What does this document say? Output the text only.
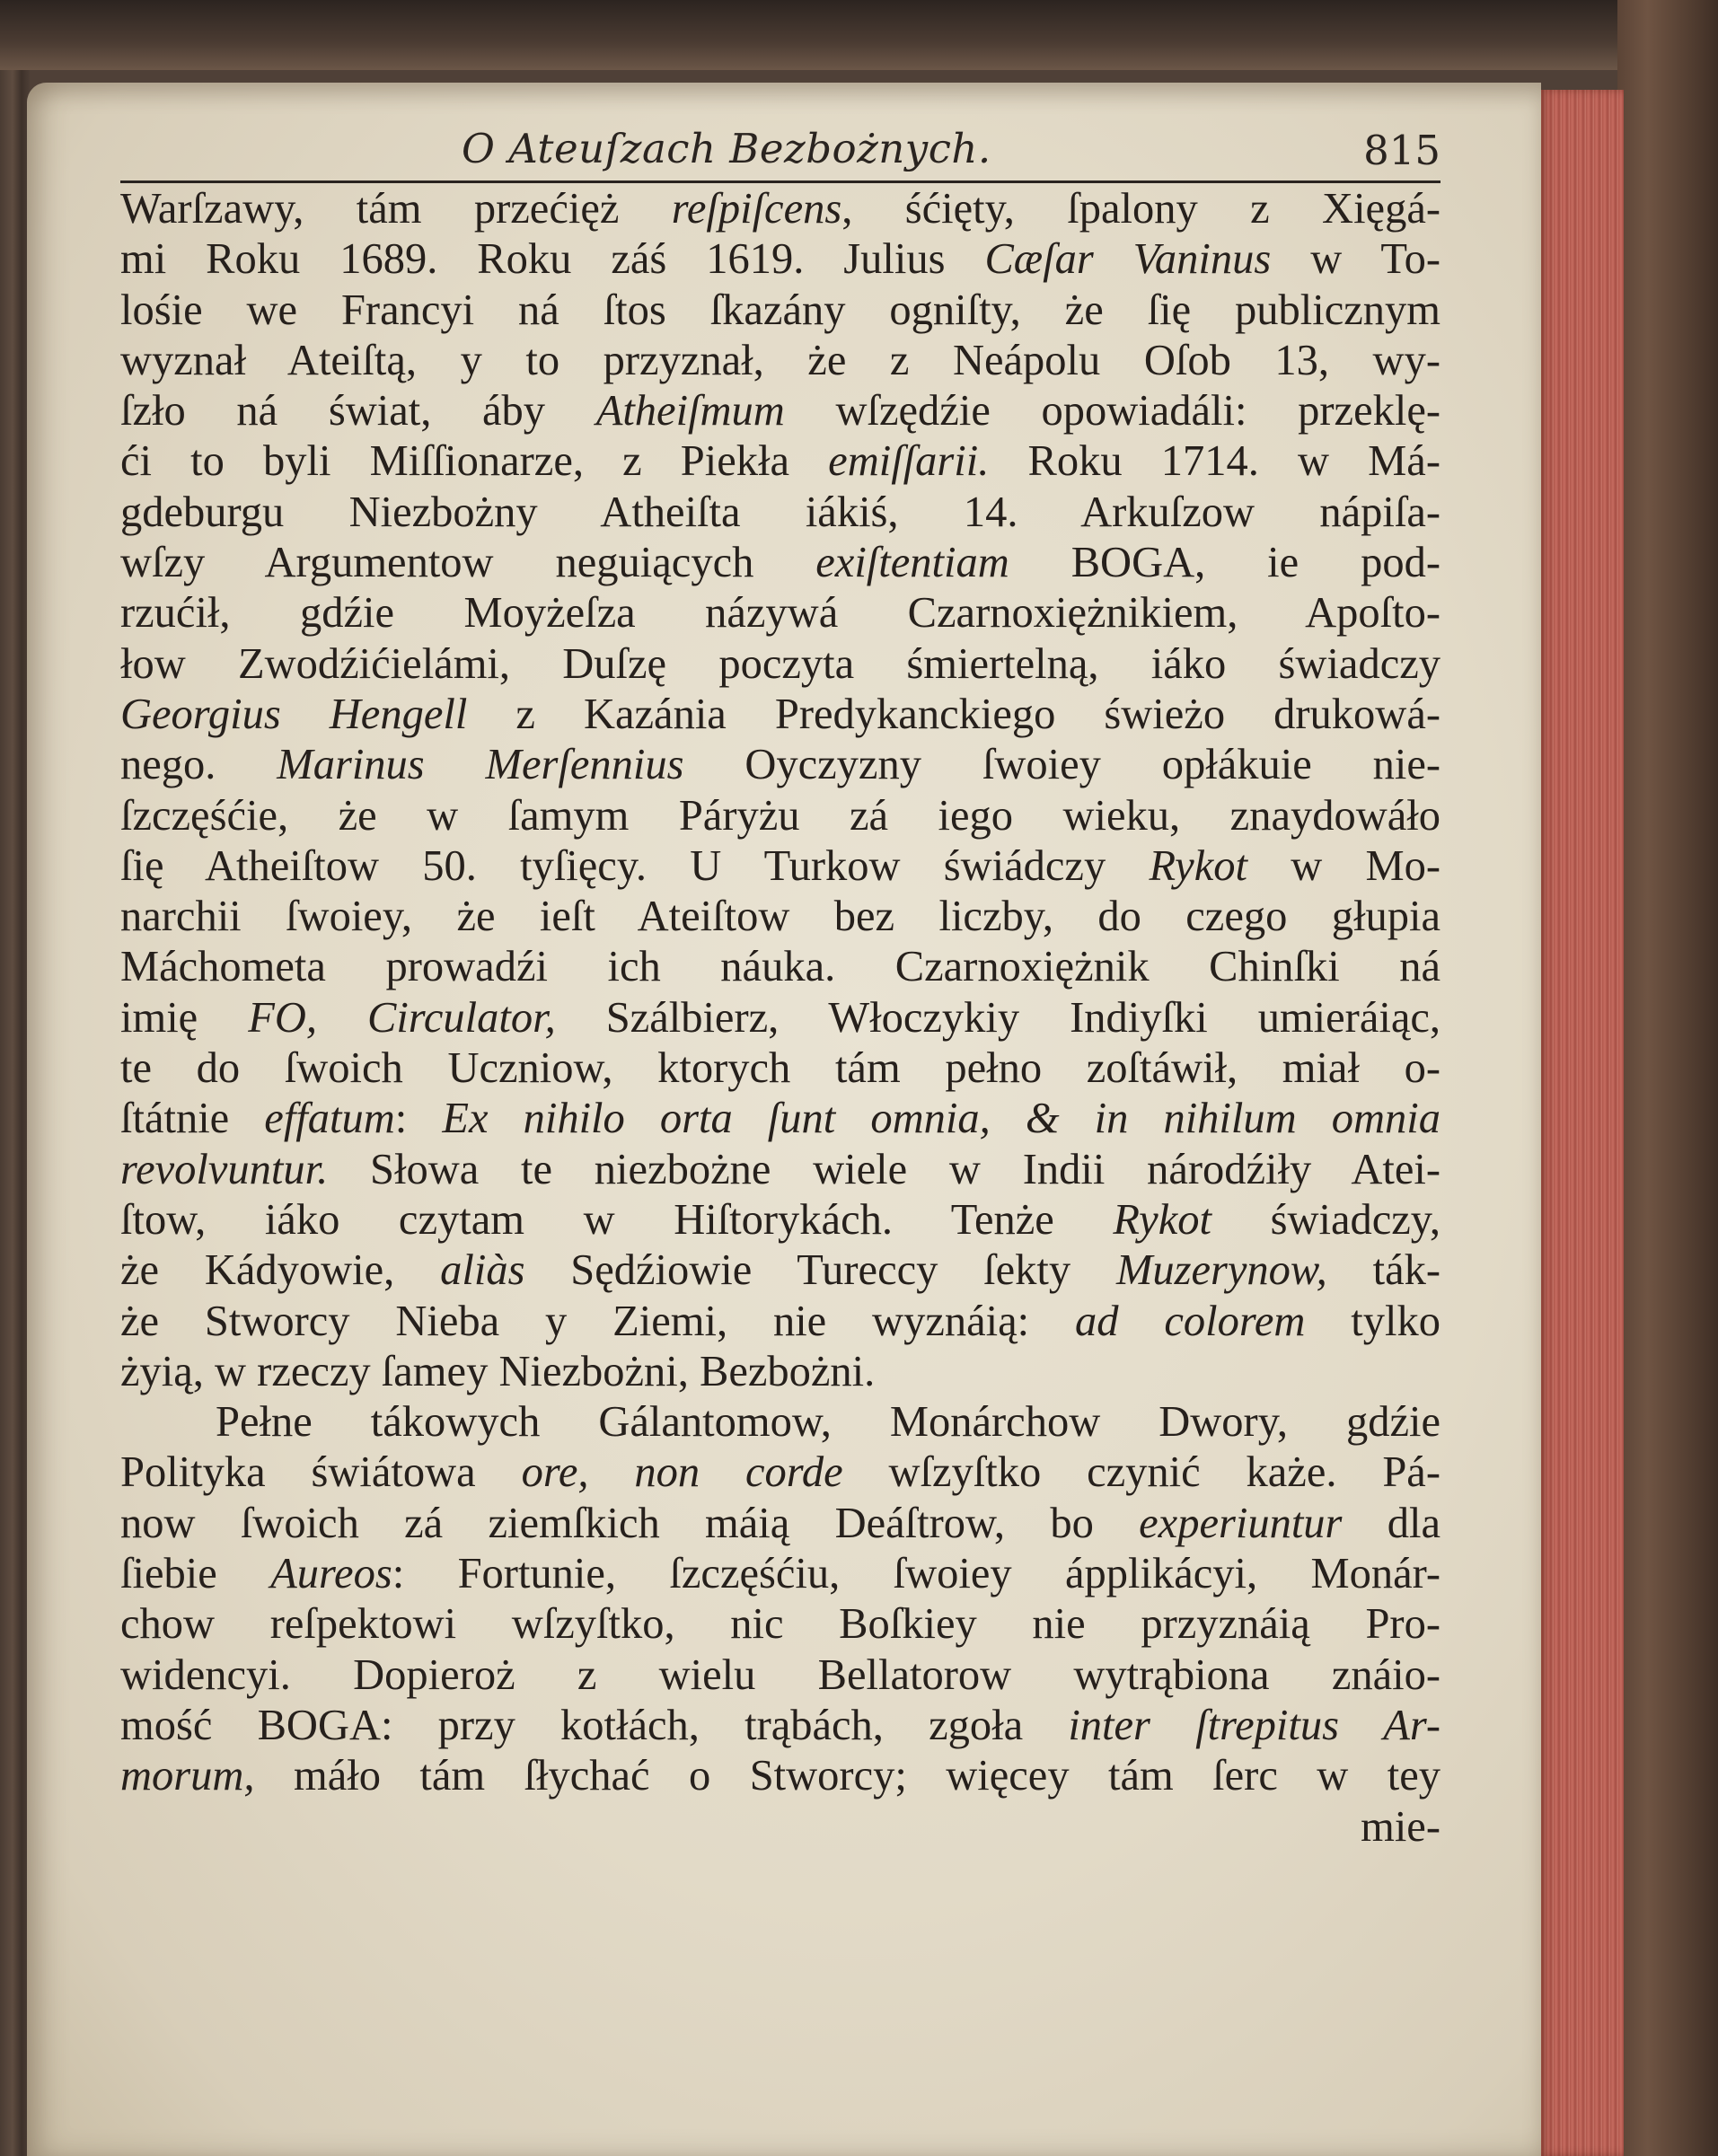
O Ateuſzach Bezbożnych.	815
Warſzawy, tám przećięż reſpiſcens, śćięty, ſpalony z Xięgá-
mi Roku 1689. Roku záś 1619. Julius Cæſar Vaninus w To-
lośie we Francyi ná ſtos ſkazány ogniſty, że ſię publicznym
wyznał Ateiſtą, y to przyznał, że z Neápolu Oſob 13, wy-
ſzło ná świat, áby Atheiſmum wſzędźie opowiadáli: przeklę-
ći to byli Miſſionarze, z Piekła emiſſarii. Roku 1714. w Má-
gdeburgu Niezbożny Atheiſta iákiś, 14. Arkuſzow nápiſa-
wſzy Argumentow neguiących exiſtentiam BOGA, ie pod-
rzućił, gdźie Moyżeſza názywá Czarnoxiężnikiem, Apoſto-
łow Zwodźićielámi, Duſzę poczyta śmiertelną, iáko świadczy
Georgius Hengell z Kazánia Predykanckiego świeżo drukowá-
nego. Marinus Merſennius Oyczyzny ſwoiey opłákuie nie-
ſzczęśćie, że w ſamym Páryżu zá iego wieku, znaydowáło
ſię Atheiſtow 50. tyſięcy. U Turkow świádczy Rykot w Mo-
narchii ſwoiey, że ieſt Ateiſtow bez liczby, do czego głupia
Máchometa prowadźi ich náuka. Czarnoxiężnik Chinſki ná
imię FO, Circulator, Szálbierz, Włoczykiy Indiyſki umieráiąc,
te do ſwoich Uczniow, ktorych tám pełno zoſtáwił, miał o-
ſtátnie effatum: Ex nihilo orta ſunt omnia, & in nihilum omnia
revolvuntur. Słowa te niezbożne wiele w Indii národźiły Atei-
ſtow, iáko czytam w Hiſtorykách. Tenże Rykot świadczy,
że Kádyowie, aliàs Sędźiowie Tureccy ſekty Muzerynow, ták-
że Stworcy Nieba y Ziemi, nie wyznáią: ad colorem tylko
żyią, w rzeczy ſamey Niezbożni, Bezbożni.
Pełne tákowych Gálantomow, Monárchow Dwory, gdźie
Polityka świátowa ore, non corde wſzyſtko czynić każe. Pá-
now ſwoich zá ziemſkich máią Deáſtrow, bo experiuntur dla
ſiebie Aureos: Fortunie, ſzczęśćiu, ſwoiey ápplikácyi, Monár-
chow reſpektowi wſzyſtko, nic Boſkiey nie przyznáią Pro-
widencyi. Dopieroż z wielu Bellatorow wytrąbiona znáio-
mość BOGA: przy kotłách, trąbách, zgoła inter ſtrepitus Ar-
morum, máło tám ſłychać o Stworcy; więcey tám ſerc w tey
mie-
